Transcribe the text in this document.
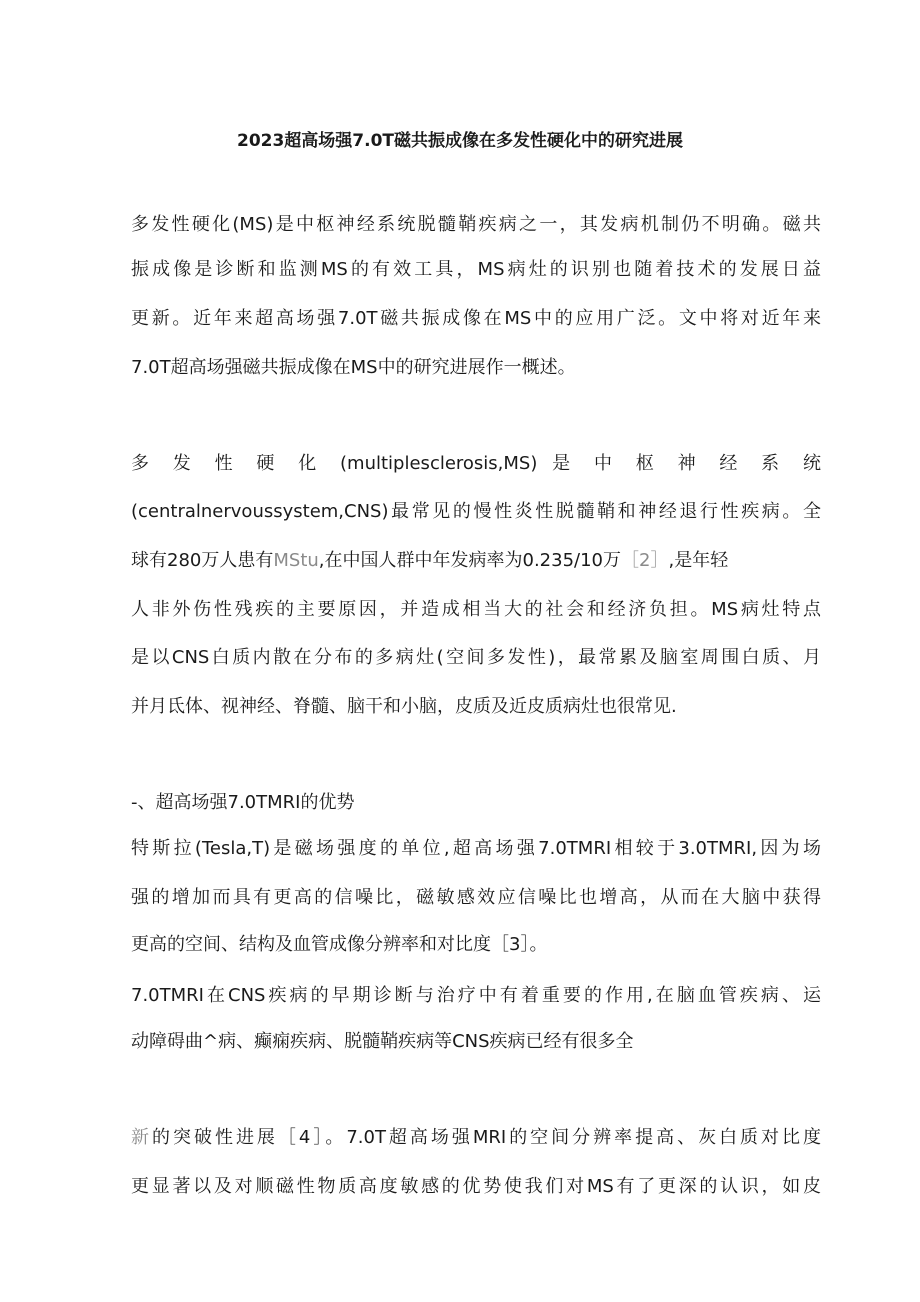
2023超高场强7.0T磁共振成像在多发性硬化中的研究进展
多发性硬化(MS)是中枢神经系统脱髓鞘疾病之一，其发病机制仍不明确。磁共
振成像是诊断和监测MS的有效工具，MS病灶的识别也随着技术的发展日益
更新。近年来超高场强7.0T磁共振成像在MS中的应用广泛。文中将对近年来
7.0T超高场强磁共振成像在MS中的研究进展作一概述。
多 发 性 硬 化 (multiplesclerosis,MS) 是 中 枢 神 经 系 统
(centralnervoussystem,CNS)最常见的慢性炎性脱髓鞘和神经退行性疾病。全
球有280万人患有MStu,在中国人群中年发病率为0.235/10万［2］,是年轻
人非外伤性残疾的主要原因，并造成相当大的社会和经济负担。MS病灶特点
是以CNS白质内散在分布的多病灶(空间多发性)，最常累及脑室周围白质、月
并月氐体、视神经、脊髓、脑干和小脑，皮质及近皮质病灶也很常见.
-、超高场强7.0TMRI的优势
特斯拉(Tesla,T)是磁场强度的单位,超高场强7.0TMRI相较于3.0TMRI,因为场
强的增加而具有更高的信噪比，磁敏感效应信噪比也增高，从而在大脑中获得
更高的空间、结构及血管成像分辨率和对比度［3］。
7.0TMRI在CNS疾病的早期诊断与治疗中有着重要的作用,在脑血管疾病、运
动障碍曲^病、癫痫疾病、脱髓鞘疾病等CNS疾病已经有很多全
新的突破性进展［4］。7.0T超高场强MRI的空间分辨率提高、灰白质对比度
更显著以及对顺磁性物质高度敏感的优势使我们对MS有了更深的认识，如皮
